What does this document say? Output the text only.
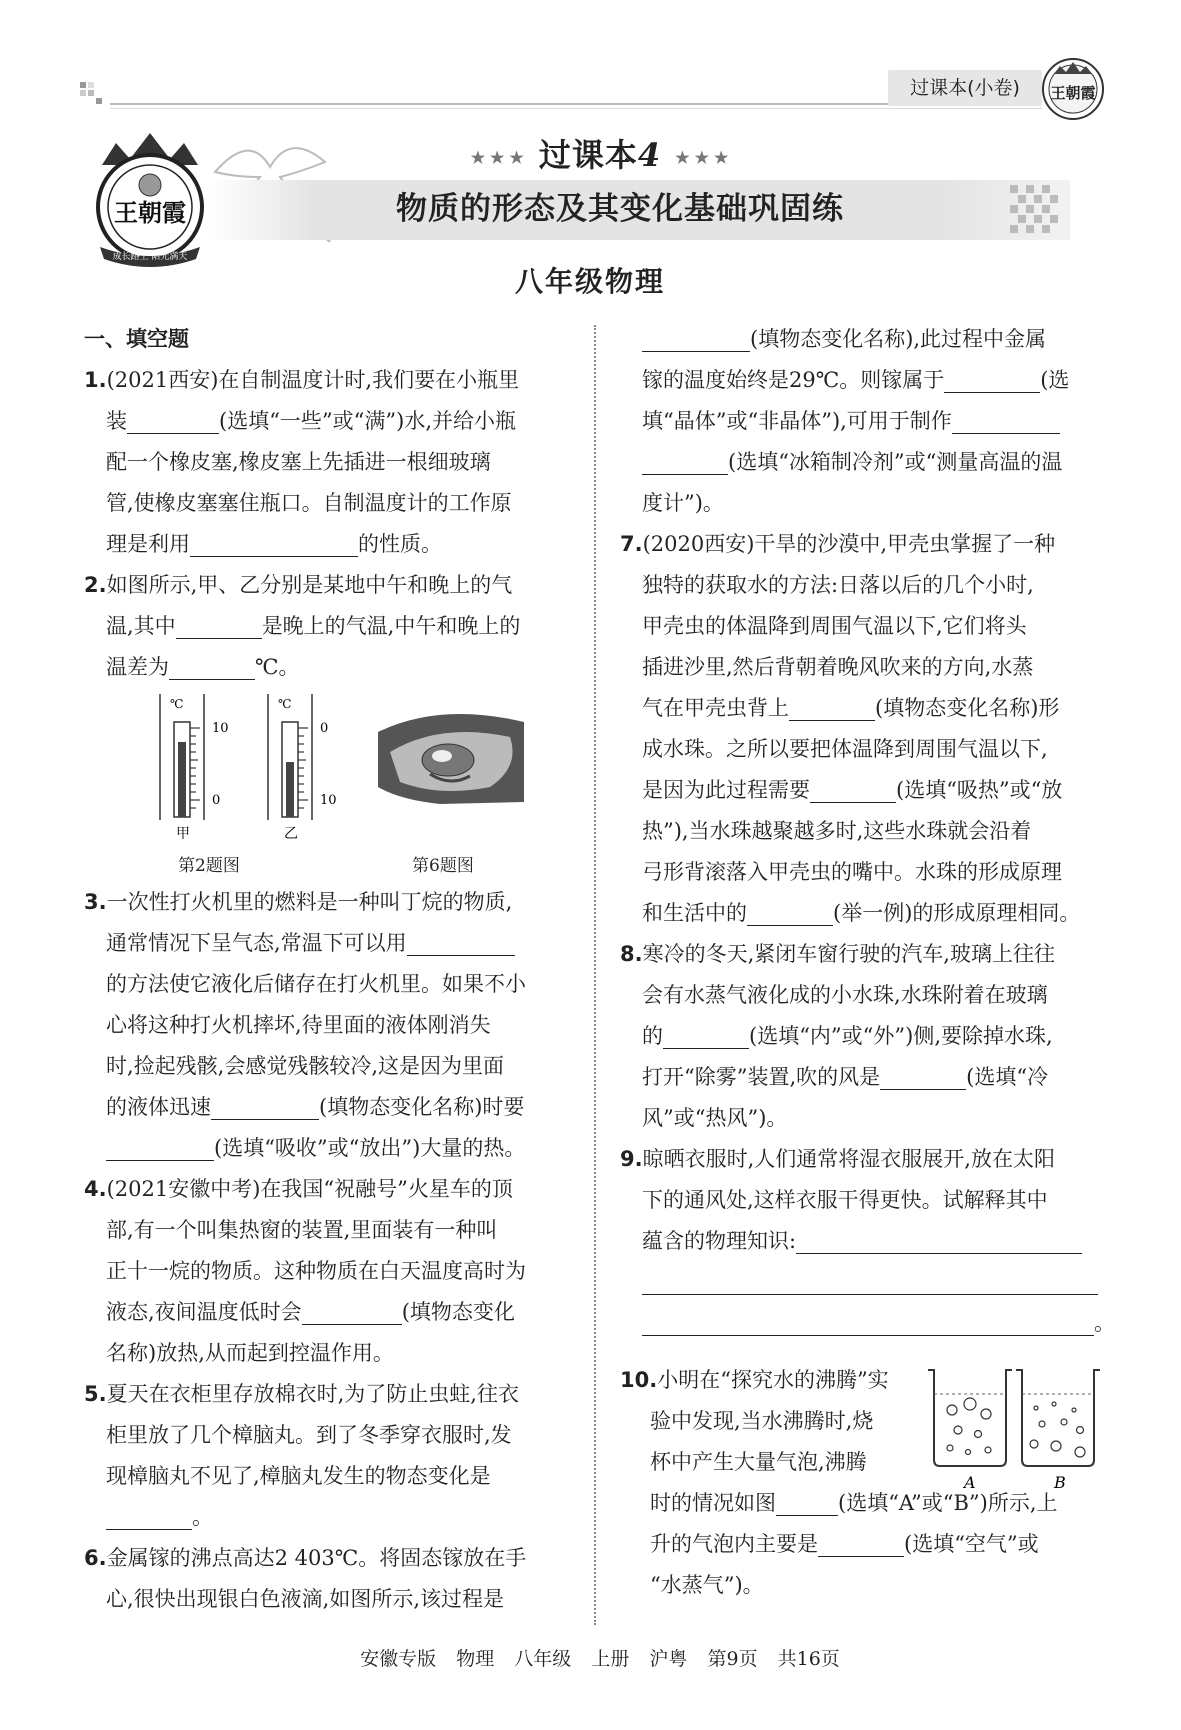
过课本(小卷)	王朝霞
王朝霞
成长路上 陪光满天
★ ★ ★ 过课本4 ★ ★ ★
物质的形态及其变化基础巩固练
八年级物理
一、填空题
1.(2021西安)在自制温度计时,我们要在小瓶里
装	(选填“一些”或“满”)水,并给小瓶
配一个橡皮塞,橡皮塞上先插进一根细玻璃
管,使橡皮塞塞住瓶口。自制温度计的工作原
理是利用	的性质。
2.如图所示,甲、乙分别是某地中午和晚上的气
温,其中	是晚上的气温,中午和晚上的
温差为	℃。
℃
10
0
甲
℃
0
10
乙
第2题图	第6题图
3.一次性打火机里的燃料是一种叫丁烷的物质,
通常情况下呈气态,常温下可以用
的方法使它液化后储存在打火机里。如果不小
心将这种打火机摔坏,待里面的液体刚消失
时,捡起残骸,会感觉残骸较冷,这是因为里面
的液体迅速	(填物态变化名称)时要
(选填“吸收”或“放出”)大量的热。
4.(2021安徽中考)在我国“祝融号”火星车的顶
部,有一个叫集热窗的装置,里面装有一种叫
正十一烷的物质。这种物质在白天温度高时为
液态,夜间温度低时会	(填物态变化
名称)放热,从而起到控温作用。
5.夏天在衣柜里存放棉衣时,为了防止虫蛀,往衣
柜里放了几个樟脑丸。到了冬季穿衣服时,发
现樟脑丸不见了,樟脑丸发生的物态变化是
。
6.金属镓的沸点高达2 403℃。将固态镓放在手
心,很快出现银白色液滴,如图所示,该过程是
(填物态变化名称),此过程中金属
镓的温度始终是29℃。则镓属于	(选
填“晶体”或“非晶体”),可用于制作
(选填“冰箱制冷剂”或“测量高温的温
度计”)。
7.(2020西安)干旱的沙漠中,甲壳虫掌握了一种
独特的获取水的方法:日落以后的几个小时,
甲壳虫的体温降到周围气温以下,它们将头
插进沙里,然后背朝着晚风吹来的方向,水蒸
气在甲壳虫背上	(填物态变化名称)形
成水珠。之所以要把体温降到周围气温以下,
是因为此过程需要	(选填“吸热”或“放
热”),当水珠越聚越多时,这些水珠就会沿着
弓形背滚落入甲壳虫的嘴中。水珠的形成原理
和生活中的	(举一例)的形成原理相同。
8.寒冷的冬天,紧闭车窗行驶的汽车,玻璃上往往
会有水蒸气液化成的小水珠,水珠附着在玻璃
的	(选填“内”或“外”)侧,要除掉水珠,
打开“除雾”装置,吹的风是	(选填“冷
风”或“热风”)。
9.晾晒衣服时,人们通常将湿衣服展开,放在太阳
下的通风处,这样衣服干得更快。试解释其中
蕴含的物理知识:
。
10.小明在“探究水的沸腾”实
验中发现,当水沸腾时,烧
杯中产生大量气泡,沸腾
时的情况如图	(选填“A”或“B”)所示,上
升的气泡内主要是	(选填“空气”或
“水蒸气”)。
A	B
安徽专版 物理 八年级 上册 沪粤 第9页 共16页
